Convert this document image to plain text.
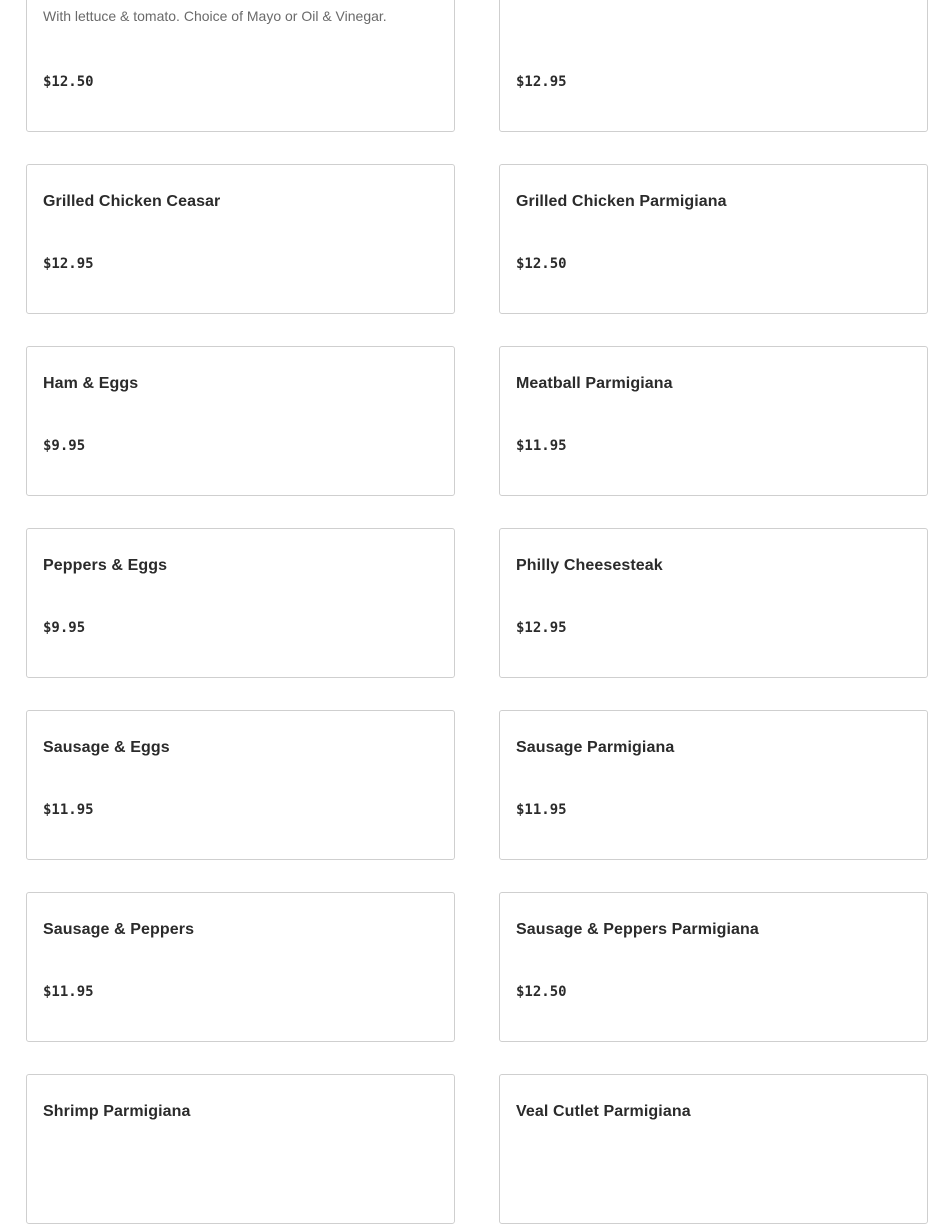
With lettuce & tomato. Choice of Mayo or Oil & Vinegar.
$12.50	$12.95
Grilled Chicken Ceasar
$12.95
Grilled Chicken Parmigiana
$12.50
Ham & Eggs
$9.95
Meatball Parmigiana
$11.95
Peppers & Eggs
$9.95
Philly Cheesesteak
$12.95
Sausage & Eggs
$11.95
Sausage Parmigiana
$11.95
Sausage & Peppers
$11.95
Sausage & Peppers Parmigiana
$12.50
Shrimp Parmigiana	Veal Cutlet Parmigiana
